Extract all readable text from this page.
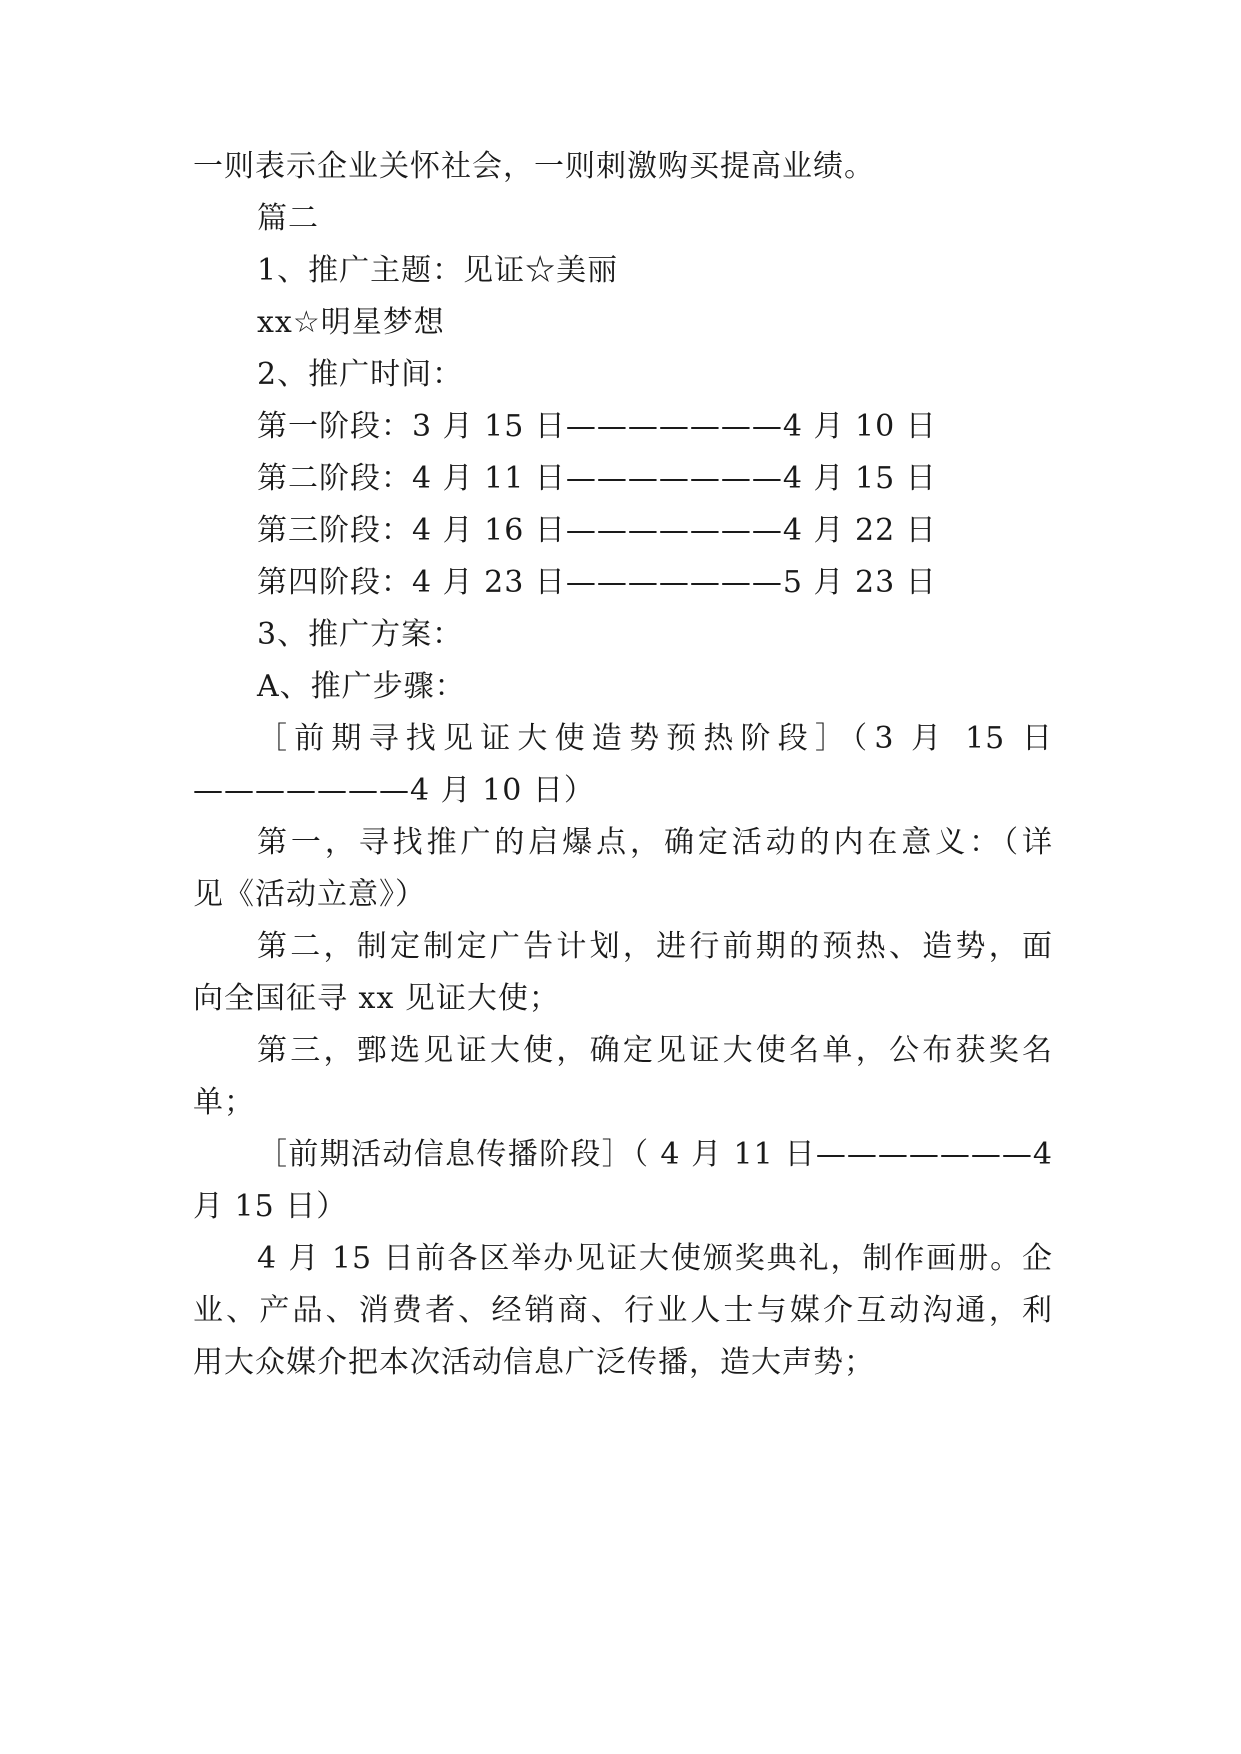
一则表示企业关怀社会，一则刺激购买提高业绩。
篇二
1、推广主题：见证☆美丽
xx☆明星梦想
2、推广时间：
第一阶段：3 月 15 日———————4 月 10 日
第二阶段：4 月 11 日———————4 月 15 日
第三阶段：4 月 16 日———————4 月 22 日
第四阶段：4 月 23 日———————5 月 23 日
3、推广方案：
A、推广步骤：
［前期寻找见证大使造势预热阶段］（3 月 15 日
———————4 月 10 日）
第一，寻找推广的启爆点，确定活动的内在意义：（详
见《活动立意》）
第二，制定制定广告计划，进行前期的预热、造势，面
向全国征寻 xx 见证大使；
第三，鄄选见证大使，确定见证大使名单，公布获奖名
单；
［前期活动信息传播阶段］（ 4 月 11 日———————4
月 15 日）
4 月 15 日前各区举办见证大使颁奖典礼，制作画册。企
业、产品、消费者、经销商、行业人士与媒介互动沟通，利
用大众媒介把本次活动信息广泛传播，造大声势；
